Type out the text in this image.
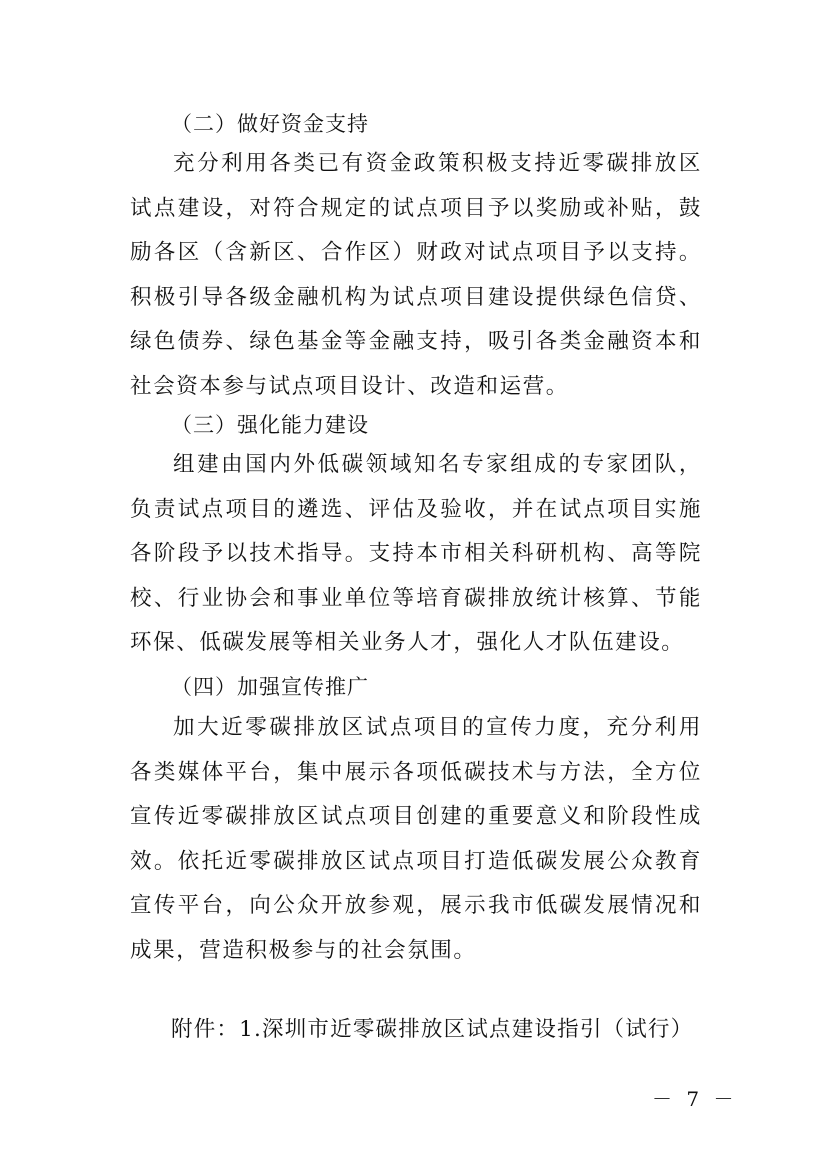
（二）做好资金支持
充分利用各类已有资金政策积极支持近零碳排放区试点建设，对符合规定的试点项目予以奖励或补贴，鼓励各区（含新区、合作区）财政对试点项目予以支持。积极引导各级金融机构为试点项目建设提供绿色信贷、绿色债券、绿色基金等金融支持，吸引各类金融资本和社会资本参与试点项目设计、改造和运营。
（三）强化能力建设
组建由国内外低碳领域知名专家组成的专家团队，负责试点项目的遴选、评估及验收，并在试点项目实施各阶段予以技术指导。支持本市相关科研机构、高等院校、行业协会和事业单位等培育碳排放统计核算、节能环保、低碳发展等相关业务人才，强化人才队伍建设。
（四）加强宣传推广
加大近零碳排放区试点项目的宣传力度，充分利用各类媒体平台，集中展示各项低碳技术与方法，全方位宣传近零碳排放区试点项目创建的重要意义和阶段性成效。依托近零碳排放区试点项目打造低碳发展公众教育宣传平台，向公众开放参观，展示我市低碳发展情况和成果，营造积极参与的社会氛围。
附件：1.深圳市近零碳排放区试点建设指引（试行）
－ 7 －
